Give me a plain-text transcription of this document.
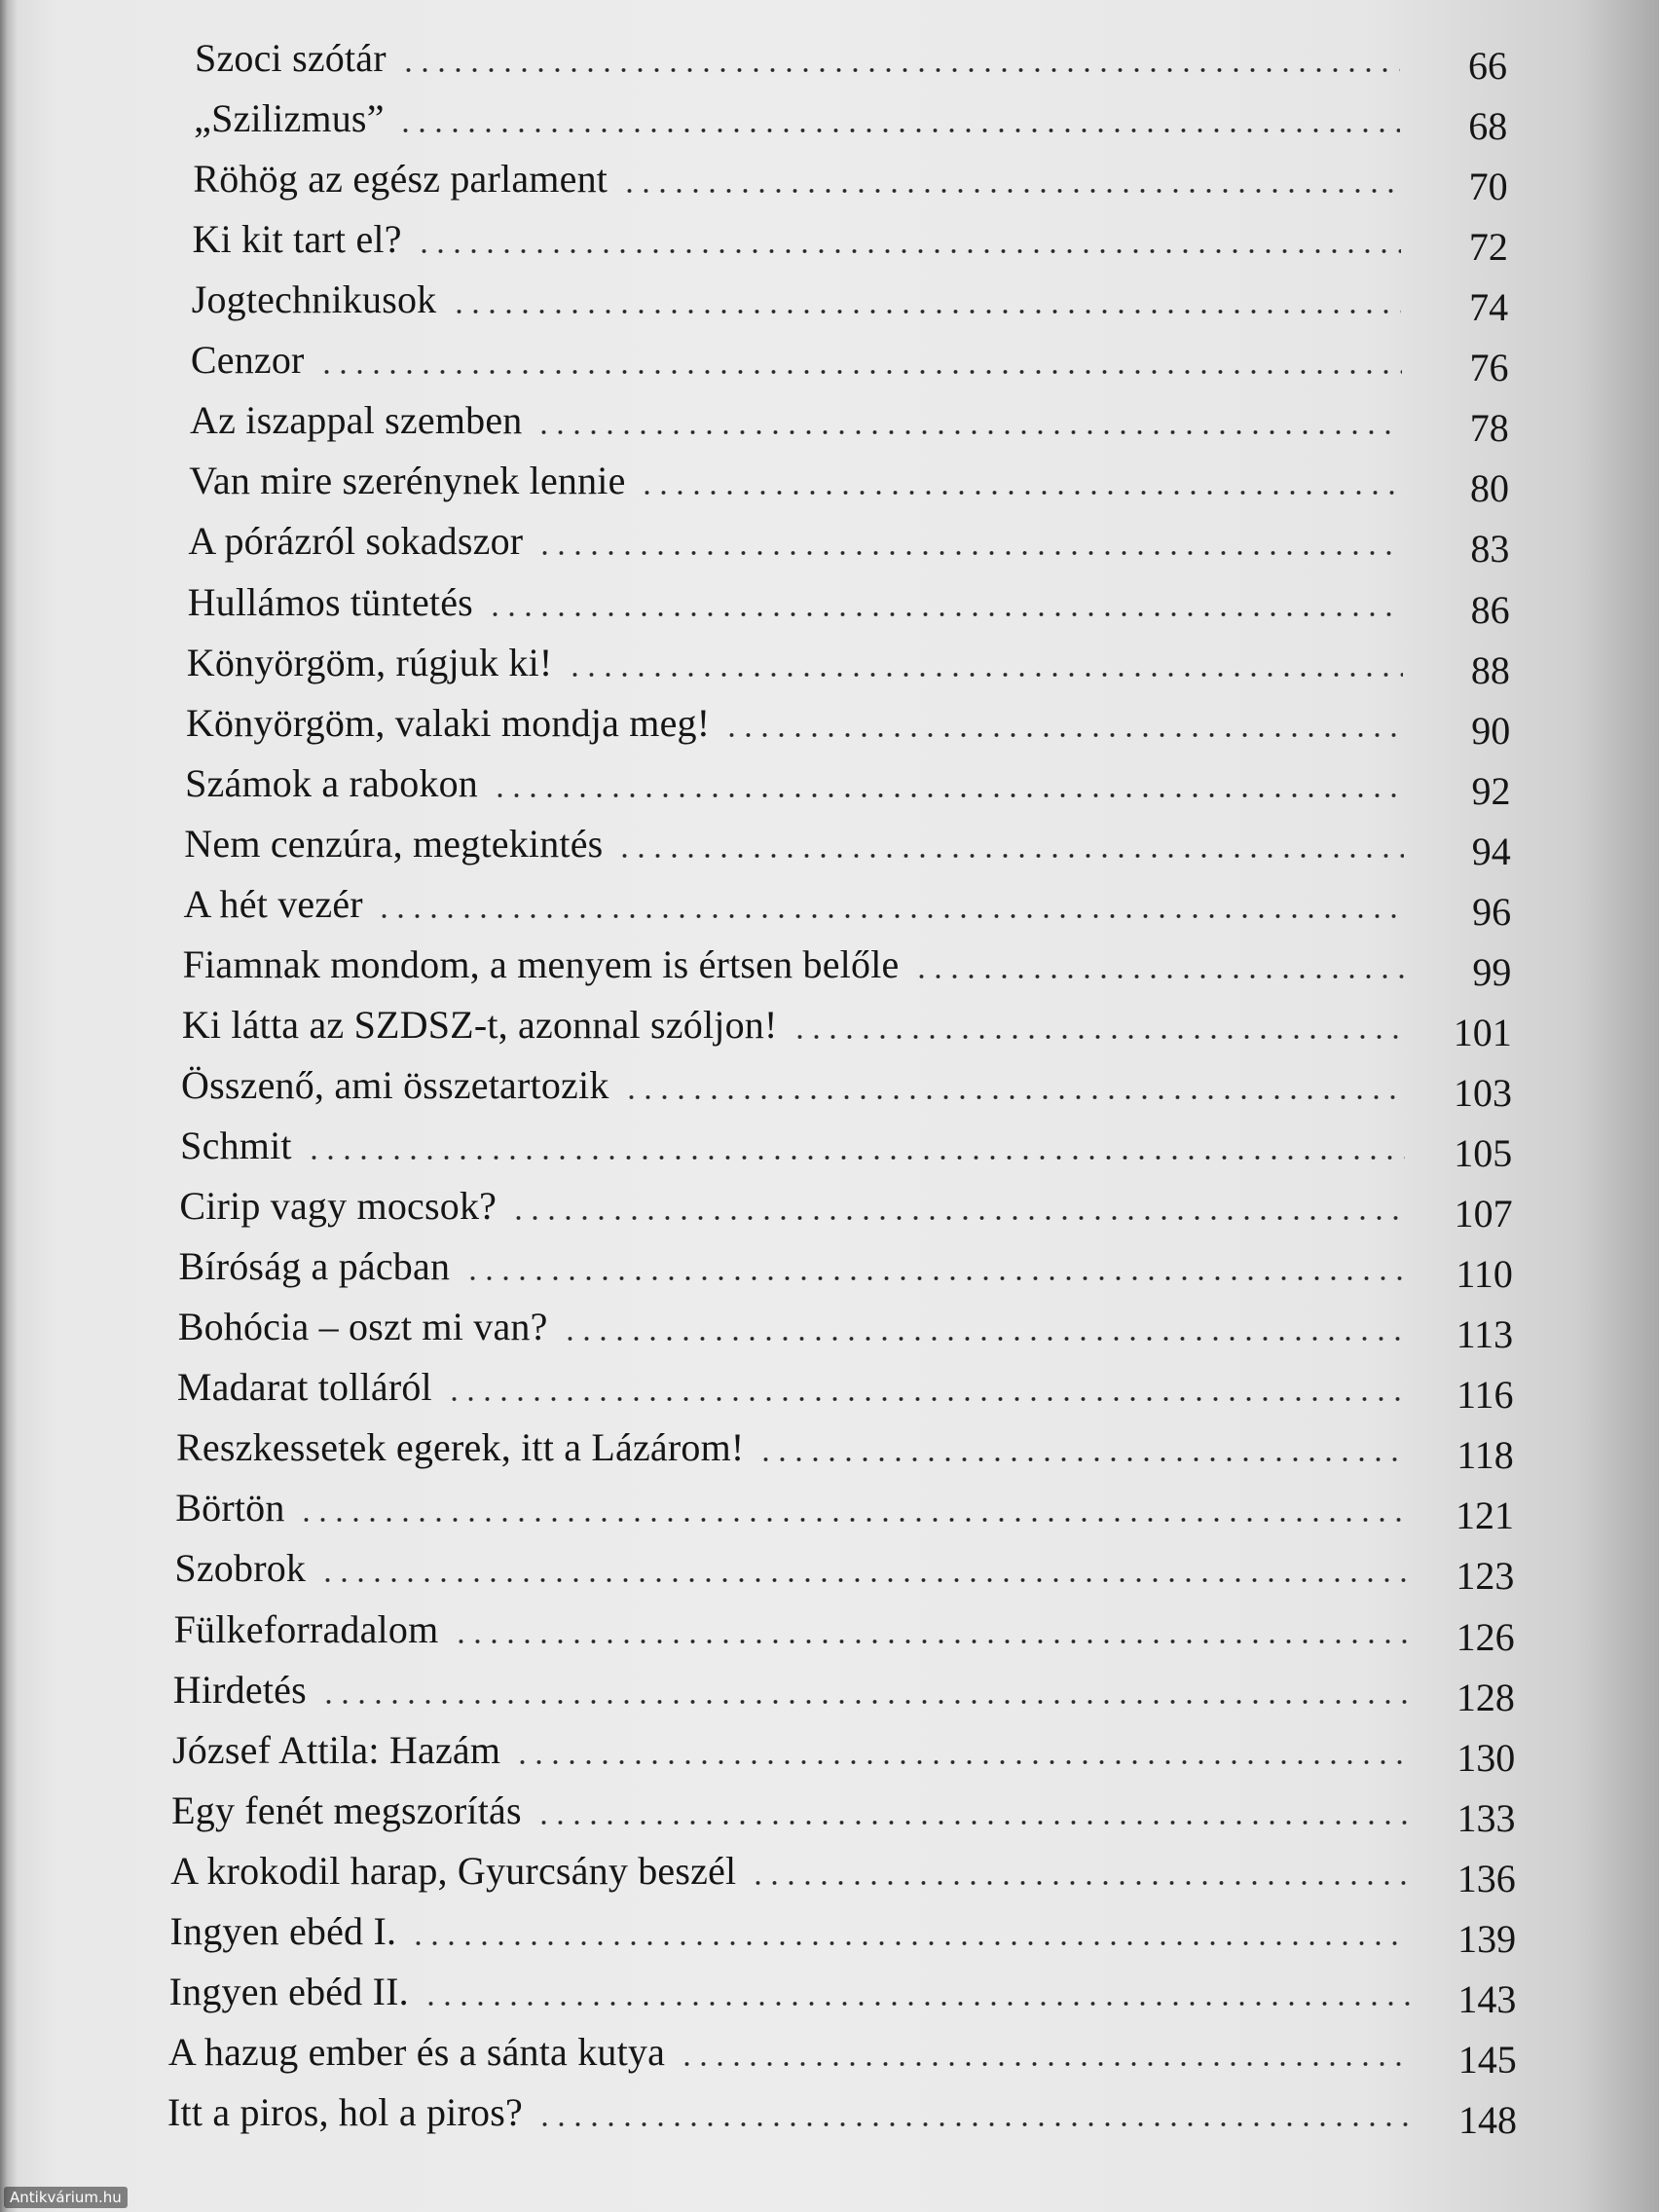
Szoci szótár	66
„Szilizmus”	68
Röhög az egész parlament	70
Ki kit tart el?	72
Jogtechnikusok	74
Cenzor	76
Az iszappal szemben	78
Van mire szerénynek lennie	80
A pórázról sokadszor	83
Hullámos tüntetés	86
Könyörgöm, rúgjuk ki!	88
Könyörgöm, valaki mondja meg!	90
Számok a rabokon	92
Nem cenzúra, megtekintés	94
A hét vezér	96
Fiamnak mondom, a menyem is értsen belőle	99
Ki látta az SZDSZ-t, azonnal szóljon!	101
Összenő, ami összetartozik	103
Schmit	105
Cirip vagy mocsok?	107
Bíróság a pácban	110
Bohócia – oszt mi van?	113
Madarat tolláról	116
Reszkessetek egerek, itt a Lázárom!	118
Börtön	121
Szobrok	123
Fülkeforradalom	126
Hirdetés	128
József Attila: Hazám	130
Egy fenét megszorítás	133
A krokodil harap, Gyurcsány beszél	136
Ingyen ebéd I.	139
Ingyen ebéd II.	143
A hazug ember és a sánta kutya	145
Itt a piros, hol a piros?	148
Antikvárium.hu
